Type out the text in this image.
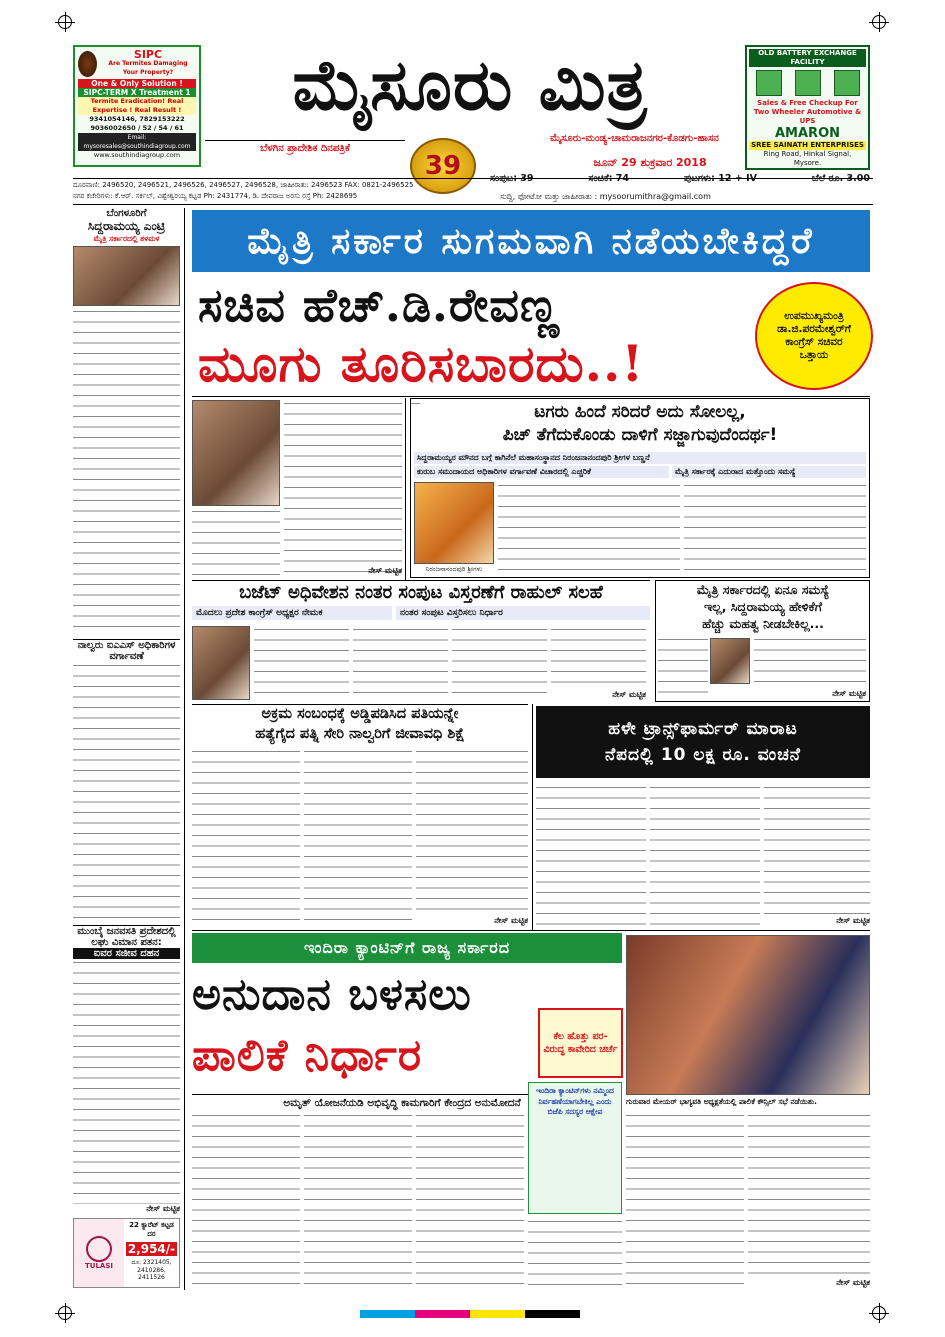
SIPC
Are Termites Damaging Your Property?
One & Only Solution !
SIPC-TERM X Treatment 1
Termite Eradication! Real Expertise ! Real Result !
9341054146, 7829153222
9036002650 / 52 / 54 / 61
Email: mysoresales@southindiagroup.com
www.southindiagroup.com
ಮೈಸೂರು ಮಿತ್ರ
ಮೈಸೂರು-ಮಂಡ್ಯ-ಚಾಮರಾಜನಗರ-ಕೊಡಗು-ಹಾಸನ
ಬೆಳಗಿನ ಪ್ರಾದೇಶಿಕ ದಿನಪತ್ರಿಕೆ
39	ಜೂನ್ 29 ಶುಕ್ರವಾರ 2018
OLD BATTERY EXCHANGE FACILITY
Sales & Free Checkup For
Two Wheeler Automotive & UPS
AMARON
SREE SAINATH ENTERPRISES
Ring Road, Hinkal Signal, Mysore.
ಸಂಪುಟ: 39	ಸಂಚಿಕೆ: 74	ಪುಟಗಳು: 12 + IV	ಬೆಲೆ ರೂ. 3.00
ದೂರವಾಣಿ: 2496520, 2496521, 2496526, 2496527, 2496528, ಜಾಹೀರಾತು: 2496523 FAX: 0821-2496525
ನಗರ ಕಚೇರಿಗಳು: ಕೆ.ಆರ್. ಸರ್ಕಲ್, ವಿಶ್ವೇಶ್ವರಯ್ಯ ಕಟ್ಟಡ Ph: 2431774, ಡಿ. ದೇವರಾಜ ಅರಸು ರಸ್ತೆ Ph: 2428695	ಸುದ್ದಿ, ಫೋಟೋ ಮತ್ತು ಜಾಹೀರಾತು : mysoorumithra@gmail.com
ಬೆಂಗಳೂರಿಗೆ
ಸಿದ್ದರಾಮಯ್ಯ ಎಂಟ್ರಿ
ಮೈತ್ರಿ ಸರ್ಕಾರದಲ್ಲಿ ತಳಮಳ
ನಾಲ್ವರು ಐಎಎಸ್ ಅಧಿಕಾರಿಗಳ ವರ್ಗಾವಣೆ
ಮುಂಬೈ ಜನವಸತಿ ಪ್ರದೇಶದಲ್ಲಿ ಲಘು ವಿಮಾನ ಪತನ:
ಐವರ ಸಜೀವ ದಹನ
ನೇಸ್ ಮಟ್ಟಿಕ
TULASI
22 ಕ್ಯಾರೆಟ್ ಕಟ್ಟಡ ದರ
2,954/-
ದೂ: 2321405, 2410286, 2411526
ಮೈತ್ರಿ ಸರ್ಕಾರ ಸುಗಮವಾಗಿ ನಡೆಯಬೇಕಿದ್ದರೆ
ಸಚಿವ ಹೆಚ್.ಡಿ.ರೇವಣ್ಣ
ಮೂಗು ತೂರಿಸಬಾರದು..!
ಉಪಮುಖ್ಯಮಂತ್ರಿ ಡಾ.ಜಿ.ಪರಮೇಶ್ವರ್‌ಗೆ ಕಾಂಗ್ರೆಸ್ ಸಚಿವರ ಒತ್ತಾಯ
ನೇಸ್ ಮಟ್ಟಿಕ
ಟಗರು ಹಿಂದೆ ಸರಿದರೆ ಅದು ಸೋಲಲ್ಲ,
ಪಿಚ್ ತೆಗೆದುಕೊಂಡು ದಾಳಿಗೆ ಸಜ್ಜಾಗುವುದೆಂದರ್ಥ!
ಸಿದ್ದರಾಮಯ್ಯರ ಮೌನದ ಬಗ್ಗೆ ಕಾಗಿನೆಲೆ ಮಹಾಸಂಸ್ಥಾನದ ನಿರಂಜನಾನಂದಪುರಿ ಶ್ರೀಗಳ ಬಣ್ಣನೆ
ಕುರುಬ ಸಮುದಾಯದ ಅಧಿಕಾರಿಗಳ ವರ್ಗಾವಣೆ ವಿಚಾರದಲ್ಲಿ ಎಚ್ಚರಿಕೆ	ಮೈತ್ರಿ ಸರ್ಕಾರಕ್ಕೆ ಎದುರಾದ ಮತ್ತೊಂದು ಸಮಸ್ಯೆ
ನಿರಂಜನಾನಂದಪುರಿ ಶ್ರೀಗಳು
ಬಜೆಟ್ ಅಧಿವೇಶನ ನಂತರ ಸಂಪುಟ ವಿಸ್ತರಣೆಗೆ ರಾಹುಲ್ ಸಲಹೆ
ಮೊದಲು ಪ್ರದೇಶ ಕಾಂಗ್ರೆಸ್ ಅಧ್ಯಕ್ಷರ ನೇಮಕ	ನಂತರ ಸಂಪುಟ ವಿಸ್ತರಿಸಲು ನಿರ್ಧಾರ
ನೇಸ್ ಮಟ್ಟಿಕ
ಮೈತ್ರಿ ಸರ್ಕಾರದಲ್ಲಿ ಏನೂ ಸಮಸ್ಯೆ
ಇಲ್ಲ, ಸಿದ್ದರಾಮಯ್ಯ ಹೇಳಿಕೆಗೆ
ಹೆಚ್ಚು ಮಹತ್ವ ನೀಡಬೇಕಿಲ್ಲ...
ನೇಸ್ ಮಟ್ಟಿಕ
ಅಕ್ರಮ ಸಂಬಂಧಕ್ಕೆ ಅಡ್ಡಿಪಡಿಸಿದ ಪತಿಯನ್ನೇ
ಹತ್ಯೆಗೈದ ಪತ್ನಿ ಸೇರಿ ನಾಲ್ವರಿಗೆ ಜೀವಾವಧಿ ಶಿಕ್ಷೆ
ನೇಸ್ ಮಟ್ಟಿಕ
ಹಳೇ ಟ್ರಾನ್ಸ್‌ಫಾರ್ಮರ್ ಮಾರಾಟ
ನೆಪದಲ್ಲಿ 10 ಲಕ್ಷ ರೂ. ವಂಚನೆ
ನೇಸ್ ಮಟ್ಟಿಕ
ಇಂದಿರಾ ಕ್ಯಾಂಟಿನ್‌ಗೆ ರಾಜ್ಯ ಸರ್ಕಾರದ
ಅನುದಾನ ಬಳಸಲು
ಪಾಲಿಕೆ ನಿರ್ಧಾರ	ಕೆಲ ಹೊತ್ತು ಪರ-ವಿರುದ್ಧ ಕಾವೇರಿದ ಚರ್ಚೆ
ಗುರುವಾರ ಮೇಯರ್ ಭಾಗ್ಯವತಿ ಅಧ್ಯಕ್ಷತೆಯಲ್ಲಿ ಪಾಲಿಕೆ ಕೌನ್ಸಿಲ್ ಸಭೆ ನಡೆಯಿತು.
ಅಮೃತ್ ಯೋಜನೆಯಡಿ ಅಭಿವೃದ್ಧಿ ಕಾಮಗಾರಿಗೆ ಕೇಂದ್ರದ ಅನುಮೋದನೆ
ಇಂದಿರಾ ಕ್ಯಾಂಟಿನ್‌ಗಳು ನಮ್ಮಿಂದ ನಿರ್ವಹಣೆಯಾಗಬೇಕಿಲ್ಲ ಎಂದು ಬಿಜೆಪಿ ಸದಸ್ಯರ ಆಕ್ಷೇಪ
ನೇಸ್ ಮಟ್ಟಿಕ
